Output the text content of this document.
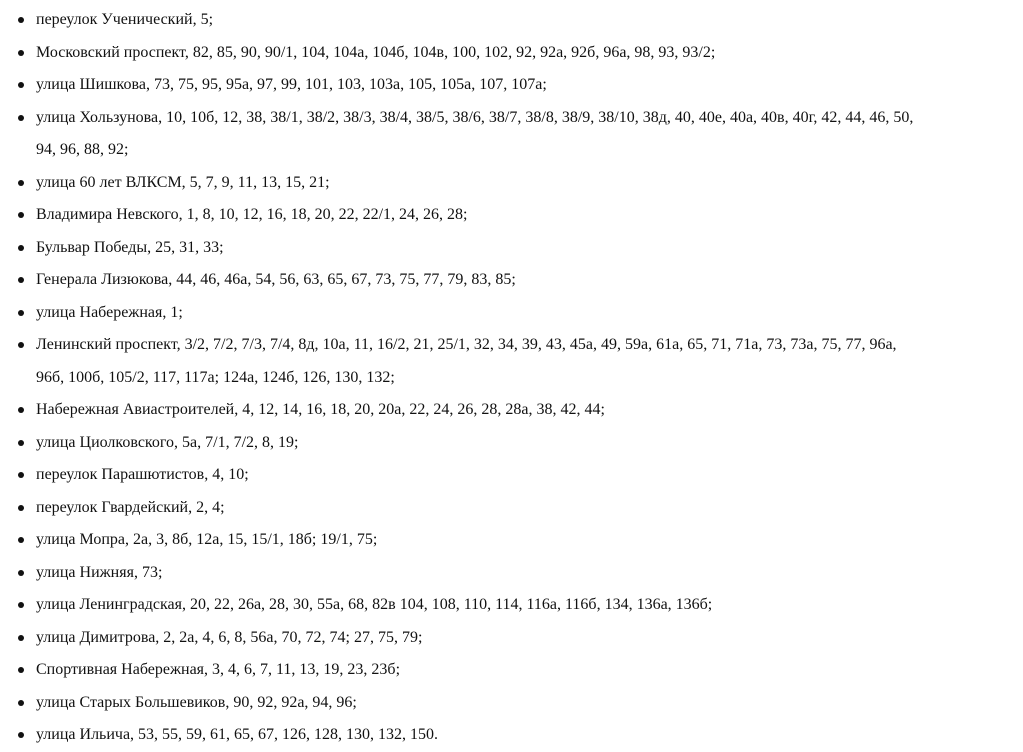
переулок Ученический, 5;
Московский проспект, 82, 85, 90, 90/1, 104, 104а, 104б, 104в, 100, 102, 92, 92а, 92б, 96а, 98, 93, 93/2;
улица Шишкова, 73, 75, 95, 95а, 97, 99, 101, 103, 103а, 105, 105а, 107, 107а;
улица Хользунова, 10, 10б, 12, 38, 38/1, 38/2, 38/3, 38/4, 38/5, 38/6, 38/7, 38/8, 38/9, 38/10, 38д, 40, 40е, 40а, 40в, 40г, 42, 44, 46, 50, 94, 96, 88, 92;
улица 60 лет ВЛКСМ, 5, 7, 9, 11, 13, 15, 21;
Владимира Невского, 1, 8, 10, 12, 16, 18, 20, 22, 22/1, 24, 26, 28;
Бульвар Победы, 25, 31, 33;
Генерала Лизюкова, 44, 46, 46а, 54, 56, 63, 65, 67, 73, 75, 77, 79, 83, 85;
улица Набережная, 1;
Ленинский проспект, 3/2, 7/2, 7/3, 7/4, 8д, 10а, 11, 16/2, 21, 25/1, 32, 34, 39, 43, 45а, 49, 59а, 61а, 65, 71, 71а, 73, 73а, 75, 77, 96а, 96б, 100б, 105/2, 117, 117а; 124а, 124б, 126, 130, 132;
Набережная Авиастроителей, 4, 12, 14, 16, 18, 20, 20а, 22, 24, 26, 28, 28а, 38, 42, 44;
улица Циолковского, 5а, 7/1, 7/2, 8, 19;
переулок Парашютистов, 4, 10;
переулок Гвардейский, 2, 4;
улица Мопра, 2а, 3, 8б, 12а, 15, 15/1, 18б; 19/1, 75;
улица Нижняя, 73;
улица Ленинградская, 20, 22, 26а, 28, 30, 55а, 68, 82в 104, 108, 110, 114, 116а, 116б, 134, 136а, 136б;
улица Димитрова, 2, 2а, 4, 6, 8, 56а, 70, 72, 74; 27, 75, 79;
Спортивная Набережная, 3, 4, 6, 7, 11, 13, 19, 23, 23б;
улица Старых Большевиков, 90, 92, 92а, 94, 96;
улица Ильича, 53, 55, 59, 61, 65, 67, 126, 128, 130, 132, 150.
